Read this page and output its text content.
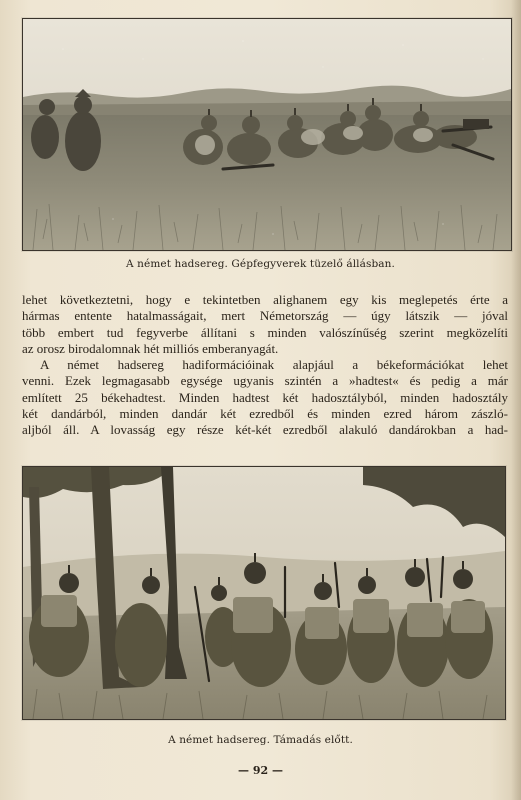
A német hadsereg. Gépfegyverek tüzelő állásban.

lehet következtetni, hogy e tekintetben alighanem egy kis meglepetés érte a
hármas entente hatalmasságait, mert Németország — úgy látszik — jóval
több embert tud fegyverbe állítani s minden valószínűség szerint megközelíti
az orosz birodalomnak hét milliós emberanyagát.

A német hadsereg hadiformációinak alapjául a békeformációkat lehet
venni. Ezek legmagasabb egysége ugyanis szintén a »hadtest« és pedig a már
említett 25 békehadtest. Minden hadtest két hadosztályból, minden hadosztály
két dandárból, minden dandár két ezredből és minden ezred három zászló-
aljból áll. A lovasság egy része két-két ezredből alakuló dandárokban a had-

A német hadsereg. Támadás előtt.
— 92 —
